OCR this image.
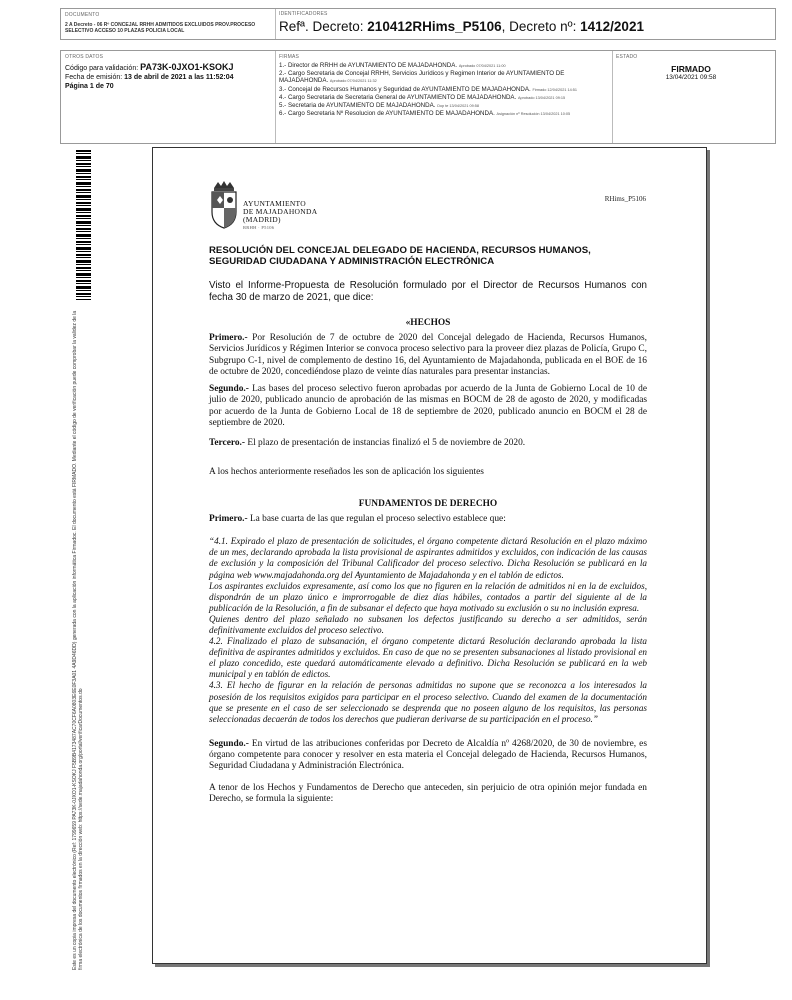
DOCUMENTO
2 A Decreto - 06 Rº CONCEJAL RRHH ADMITIDOS EXCLUIDOS PROV.PROCESO SELECTIVO ACCESO 10 PLAZAS POLICIA LOCAL
IDENTIFICADORES
Refª. Decreto: 210412RHims_P5106, Decreto nº: 1412/2021
OTROS DATOS
Código para validación: PA73K-0JXO1-KSOKJ
Fecha de emisión: 13 de abril de 2021 a las 11:52:04
Página 1 de 70
FIRMAS
1.- Director de RRHH de AYUNTAMIENTO DE MAJADAHONDA. Aprobado 07/04/2021 11:00
2.- Cargo Secretaria de Concejal RRHH, Servicios Jurídicos y Regimen Interior de AYUNTAMIENTO DE MAJADAHONDA. Aprobado 07/04/2021 11:32
3.- Concejal de Recursos Humanos y Seguridad de AYUNTAMIENTO DE MAJADAHONDA. Firmado 12/04/2021 14:51
4.- Cargo Secretaria de Secretaria General de AYUNTAMIENTO DE MAJADAHONDA. Aprobado 13/04/2021 09:15
5.- Secretaria de AYUNTAMIENTO DE MAJADAHONDA. Dop te 13/04/2021 09:58
6.- Cargo Secretaria Nº Resolucion de AYUNTAMIENTO DE MAJADAHONDA. Asignación nº Resolución 13/04/2021 10:05
ESTADO
FIRMADO
13/04/2021 09:58
Este es un copia impresa del documento electrónico (Ref: 1799659 PA73K-0JXO1-KSOKJ F5B9B4173487AC70CF6A0803E6E0F3A01 4A9D46DD) generada con la aplicación informática Firmadoc. El documento está FIRMADO. Mediante el código de verificación puede comprobar la validez de la firma electrónica de los documentos firmados en la dirección web: https://sede.majadahonda.org/portal/verificarDocumentos.do
AYUNTAMIENTO
DE MAJADAHONDA
(MADRID)
RRHH · P5106
RHims_P5106

RESOLUCIÓN DEL CONCEJAL DELEGADO DE HACIENDA, RECURSOS HUMANOS, SEGURIDAD CIUDADANA Y ADMINISTRACIÓN ELECTRÓNICA

Visto el Informe-Propuesta de Resolución formulado por el Director de Recursos Humanos con fecha 30 de marzo de 2021, que dice:

«HECHOS

Primero.- Por Resolución de 7 de octubre de 2020 del Concejal delegado de Hacienda, Recursos Humanos, Servicios Jurídicos y Régimen Interior se convoca proceso selectivo para la proveer diez plazas de Policía, Grupo C, Subgrupo C-1, nivel de complemento de destino 16, del Ayuntamiento de Majadahonda, publicada en el BOE de 16 de octubre de 2020, concediéndose plazo de veinte días naturales para presentar instancias.

Segundo.- Las bases del proceso selectivo fueron aprobadas por acuerdo de la Junta de Gobierno Local de 10 de julio de 2020, publicado anuncio de aprobación de las mismas en BOCM de 28 de agosto de 2020, y modificadas por acuerdo de la Junta de Gobierno Local de 18 de septiembre de 2020, publicado anuncio en BOCM el 28 de septiembre de 2020.

Tercero.- El plazo de presentación de instancias finalizó el 5 de noviembre de 2020.

A los hechos anteriormente reseñados les son de aplicación los siguientes

FUNDAMENTOS DE DERECHO

Primero.- La base cuarta de las que regulan el proceso selectivo establece que:

“4.1. Expirado el plazo de presentación de solicitudes, el órgano competente dictará Resolución en el plazo máximo de un mes, declarando aprobada la lista provisional de aspirantes admitidos y excluidos, con indicación de las causas de exclusión y la composición del Tribunal Calificador del proceso selectivo. Dicha Resolución se publicará en la página web www.majadahonda.org del Ayuntamiento de Majadahonda y en el tablón de edictos.

Los aspirantes excluidos expresamente, así como los que no figuren en la relación de admitidos ni en la de excluidos, dispondrán de un plazo único e improrrogable de diez días hábiles, contados a partir del siguiente al de la publicación de la Resolución, a fin de subsanar el defecto que haya motivado su exclusión o su no inclusión expresa.

Quienes dentro del plazo señalado no subsanen los defectos justificando su derecho a ser admitidos, serán definitivamente excluidos del proceso selectivo.

4.2. Finalizado el plazo de subsanación, el órgano competente dictará Resolución declarando aprobada la lista definitiva de aspirantes admitidos y excluidos. En caso de que no se presenten subsanaciones al listado provisional en el plazo concedido, este quedará automáticamente elevado a definitivo. Dicha Resolución se publicará en la web municipal y en tablón de edictos.

4.3. El hecho de figurar en la relación de personas admitidas no supone que se reconozca a los interesados la posesión de los requisitos exigidos para participar en el proceso selectivo. Cuando del examen de la documentación que se presente en el caso de ser seleccionado se desprenda que no poseen alguno de los requisitos, las personas seleccionadas decaerán de todos los derechos que pudieran derivarse de su participación en el proceso.”

Segundo.- En virtud de las atribuciones conferidas por Decreto de Alcaldía nº 4268/2020, de 30 de noviembre, es órgano competente para conocer y resolver en esta materia el Concejal delegado de Hacienda, Recursos Humanos, Seguridad Ciudadana y Administración Electrónica.

A tenor de los Hechos y Fundamentos de Derecho que anteceden, sin perjuicio de otra opinión mejor fundada en Derecho, se formula la siguiente:
